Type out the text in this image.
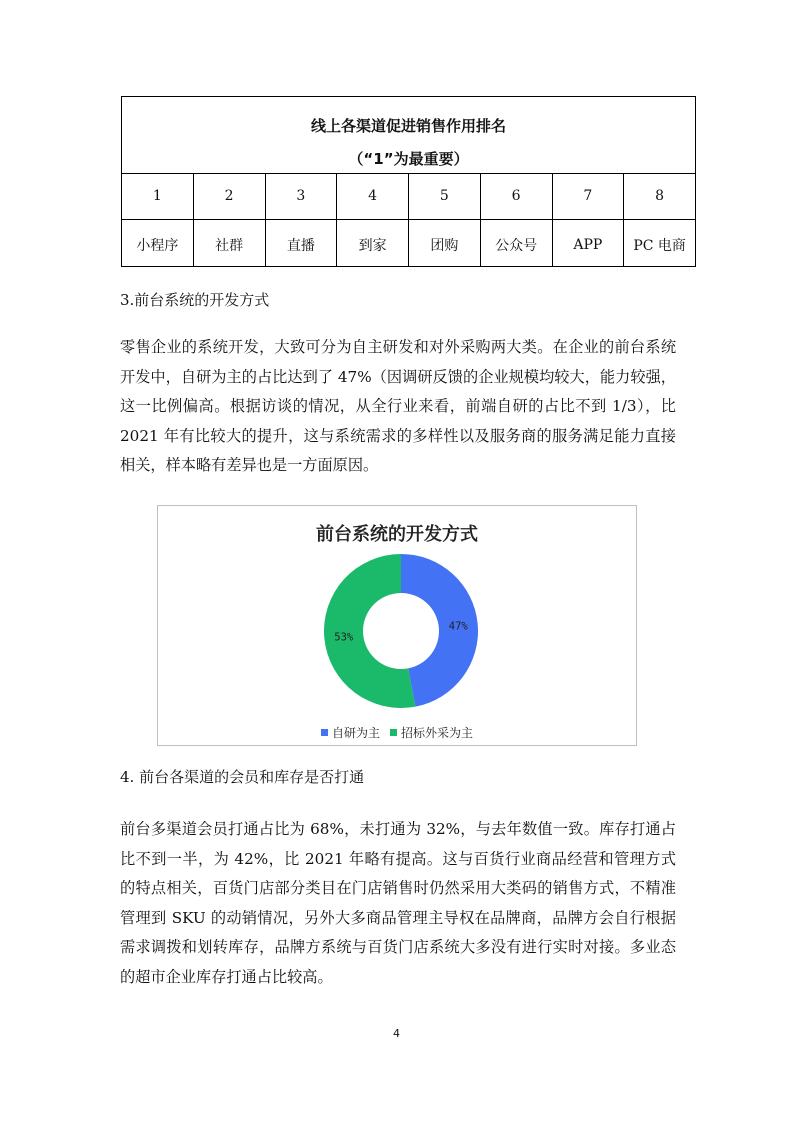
线上各渠道促进销售作用排名
（“1”为最重要）
1
小程序
2
社群
3
直播
4
到家
5
团购
6
公众号
7
APP
8
PC 电商
3.前台系统的开发方式

零售企业的系统开发，大致可分为自主研发和对外采购两大类。在企业的前台系统开发中，自研为主的占比达到了 47%（因调研反馈的企业规模均较大，能力较强，这一比例偏高。根据访谈的情况，从全行业来看，前端自研的占比不到 1/3），比 2021 年有比较大的提升，这与系统需求的多样性以及服务商的服务满足能力直接相关，样本略有差异也是一方面原因。

前台系统的开发方式
47%
53%
自研为主 招标外采为主
4. 前台各渠道的会员和库存是否打通

前台多渠道会员打通占比为 68%，未打通为 32%，与去年数值一致。库存打通占比不到一半，为 42%，比 2021 年略有提高。这与百货行业商品经营和管理方式的特点相关，百货门店部分类目在门店销售时仍然采用大类码的销售方式，不精准管理到 SKU 的动销情况，另外大多商品管理主导权在品牌商，品牌方会自行根据需求调拨和划转库存，品牌方系统与百货门店系统大多没有进行实时对接。多业态的超市企业库存打通占比较高。

4
